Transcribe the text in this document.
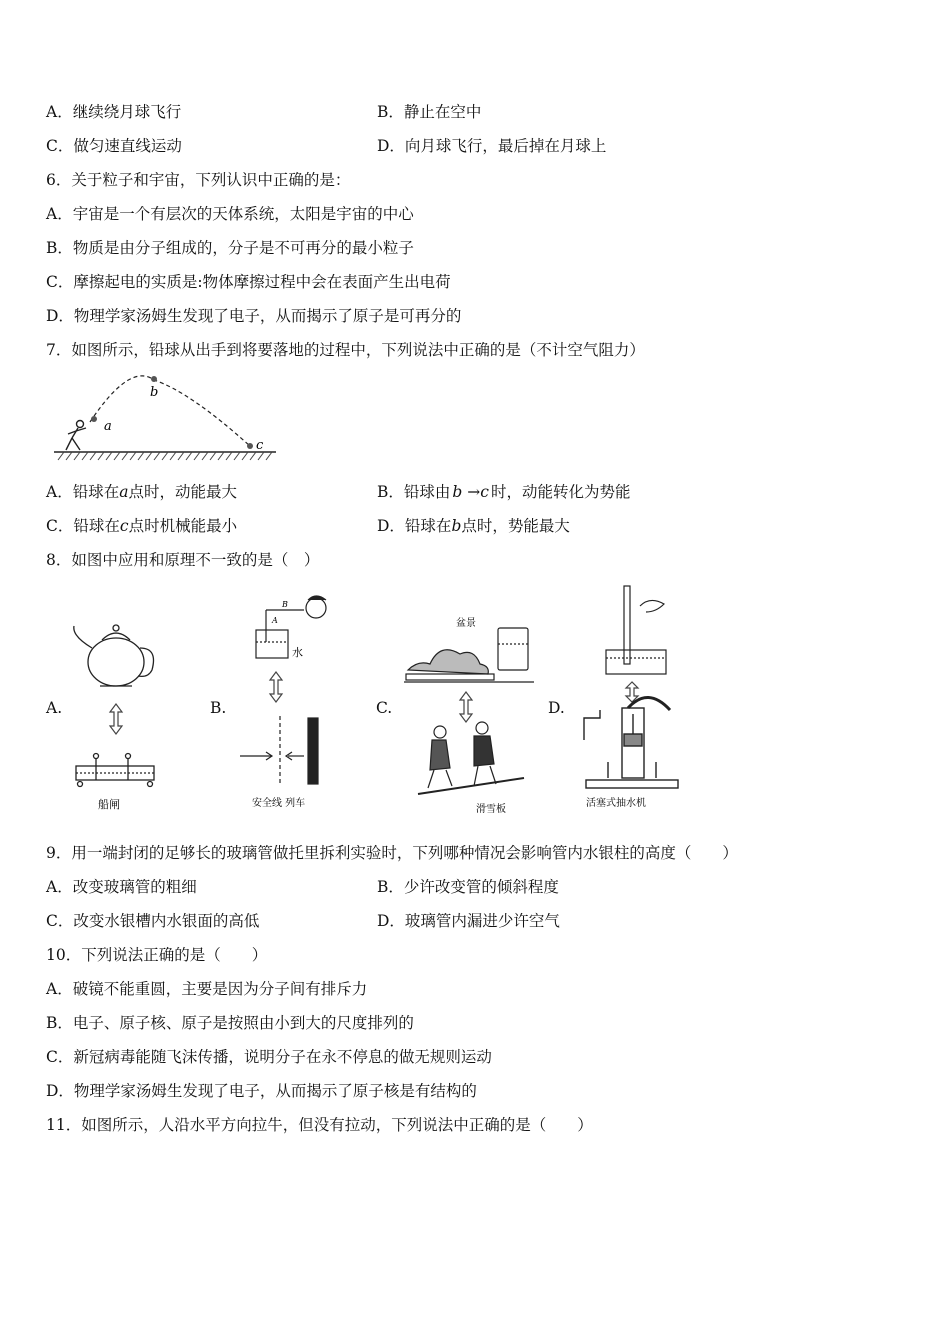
A．继续绕月球飞行	B．静止在空中
C．做匀速直线运动	D．向月球飞行，最后掉在月球上
6．关于粒子和宇宙，下列认识中正确的是：
A．宇宙是一个有层次的天体系统，太阳是宇宙的中心
B．物质是由分子组成的，分子是不可再分的最小粒子
C．摩擦起电的实质是:物体摩擦过程中会在表面产生出电荷
D．物理学家汤姆生发现了电子，从而揭示了原子是可再分的
7．如图所示，铅球从出手到将要落地的过程中，下列说法中正确的是（不计空气阻力）
a
b
c
A．铅球在a点时，动能最大	B．铅球由 b →c 时，动能转化为势能
C．铅球在c点时机械能最小	D．铅球在b点时，势能最大
8．如图中应用和原理不一致的是（　）
A.	B.	C.	D.
船闸
B
A
水
安全线 列车
盆景
滑雪板
活塞式抽水机
9．用一端封闭的足够长的玻璃管做托里拆利实验时，下列哪种情况会影响管内水银柱的高度（　　）
A．改变玻璃管的粗细	B．少许改变管的倾斜程度
C．改变水银槽内水银面的高低	D．玻璃管内漏进少许空气
10．下列说法正确的是（　　）
A．破镜不能重圆，主要是因为分子间有排斥力
B．电子、原子核、原子是按照由小到大的尺度排列的
C．新冠病毒能随飞沫传播，说明分子在永不停息的做无规则运动
D．物理学家汤姆生发现了电子，从而揭示了原子核是有结构的
11．如图所示，人沿水平方向拉牛，但没有拉动，下列说法中正确的是（　　）
